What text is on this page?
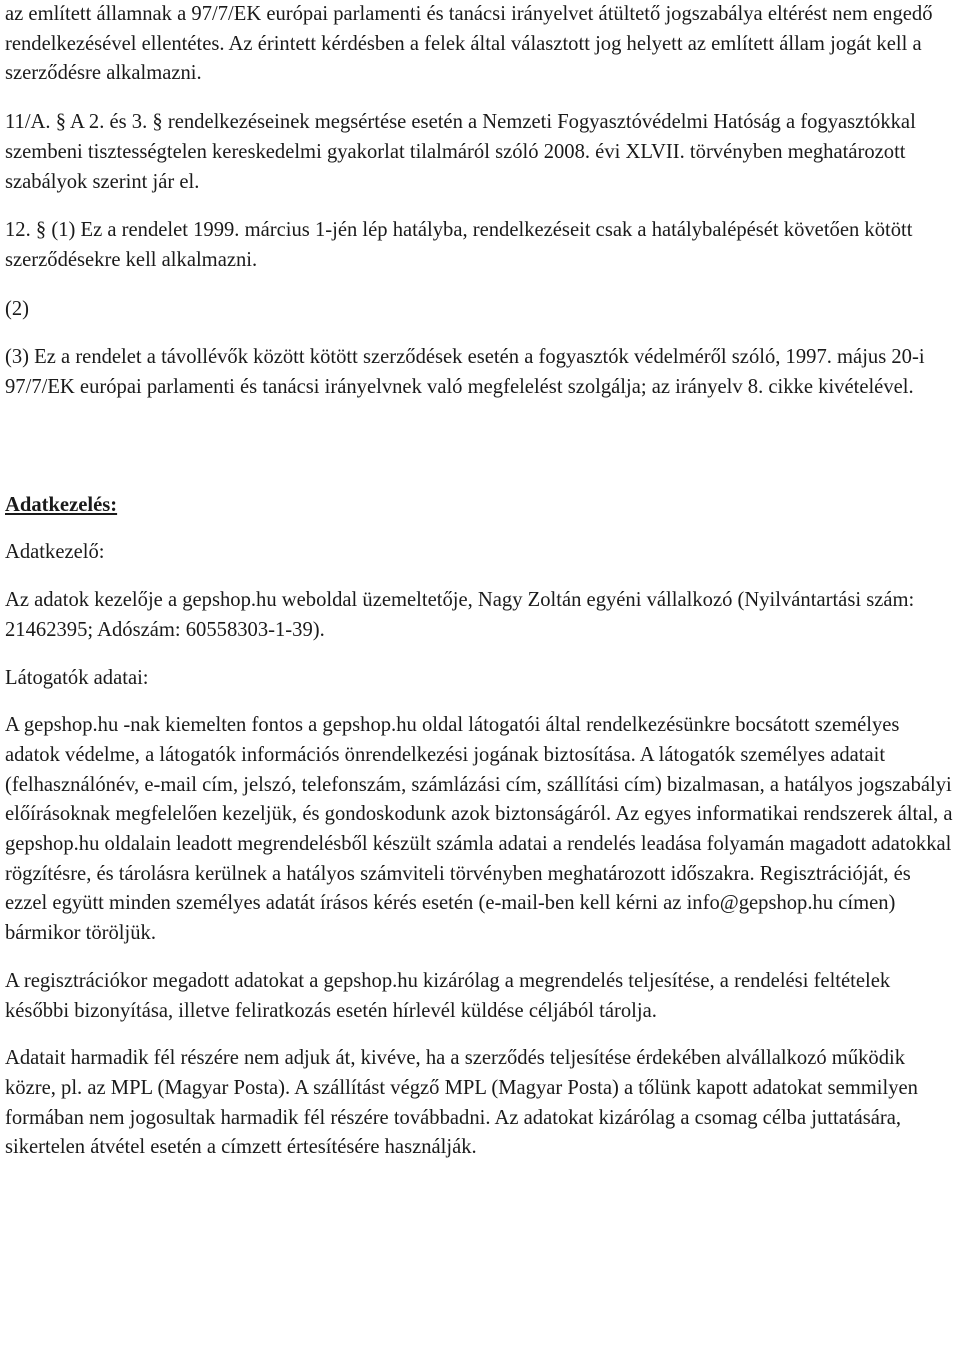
az említett államnak a 97/7/EK európai parlamenti és tanácsi irányelvet átültető jogszabálya eltérést nem engedő rendelkezésével ellentétes. Az érintett kérdésben a felek által választott jog helyett az említett állam jogát kell a szerződésre alkalmazni.

11/A. § A 2. és 3. § rendelkezéseinek megsértése esetén a Nemzeti Fogyasztóvédelmi Hatóság a fogyasztókkal szembeni tisztességtelen kereskedelmi gyakorlat tilalmáról szóló 2008. évi XLVII. törvényben meghatározott szabályok szerint jár el.

12. § (1) Ez a rendelet 1999. március 1-jén lép hatályba, rendelkezéseit csak a hatálybalépését követően kötött szerződésekre kell alkalmazni.

(2)

(3) Ez a rendelet a távollévők között kötött szerződések esetén a fogyasztók védelméről szóló, 1997. május 20-i 97/7/EK európai parlamenti és tanácsi irányelvnek való megfelelést szolgálja; az irányelv 8. cikke kivételével.

Adatkezelés:

Adatkezelő:

Az adatok kezelője a gepshop.hu weboldal üzemeltetője, Nagy Zoltán egyéni vállalkozó (Nyilvántartási szám: 21462395; Adószám: 60558303-1-39).

Látogatók adatai:

A gepshop.hu -nak kiemelten fontos a gepshop.hu oldal látogatói által rendelkezésünkre bocsátott személyes adatok védelme, a látogatók információs önrendelkezési jogának biztosítása. A látogatók személyes adatait (felhasználónév, e-mail cím, jelszó, telefonszám, számlázási cím, szállítási cím) bizalmasan, a hatályos jogszabályi előírásoknak megfelelően kezeljük, és gondoskodunk azok biztonságáról. Az egyes informatikai rendszerek által, a gepshop.hu oldalain leadott megrendelésből készült számla adatai a rendelés leadása folyamán magadott adatokkal rögzítésre, és tárolásra kerülnek a hatályos számviteli törvényben meghatározott időszakra. Regisztrációját, és ezzel együtt minden személyes adatát írásos kérés esetén (e-mail-ben kell kérni az info@gepshop.hu címen) bármikor töröljük.

A regisztrációkor megadott adatokat a gepshop.hu kizárólag a megrendelés teljesítése, a rendelési feltételek későbbi bizonyítása, illetve feliratkozás esetén hírlevél küldése céljából tárolja.

Adatait harmadik fél részére nem adjuk át, kivéve, ha a szerződés teljesítése érdekében alvállalkozó működik közre, pl. az MPL (Magyar Posta). A szállítást végző MPL (Magyar Posta) a tőlünk kapott adatokat semmilyen formában nem jogosultak harmadik fél részére továbbadni. Az adatokat kizárólag a csomag célba juttatására, sikertelen átvétel esetén a címzett értesítésére használják.
